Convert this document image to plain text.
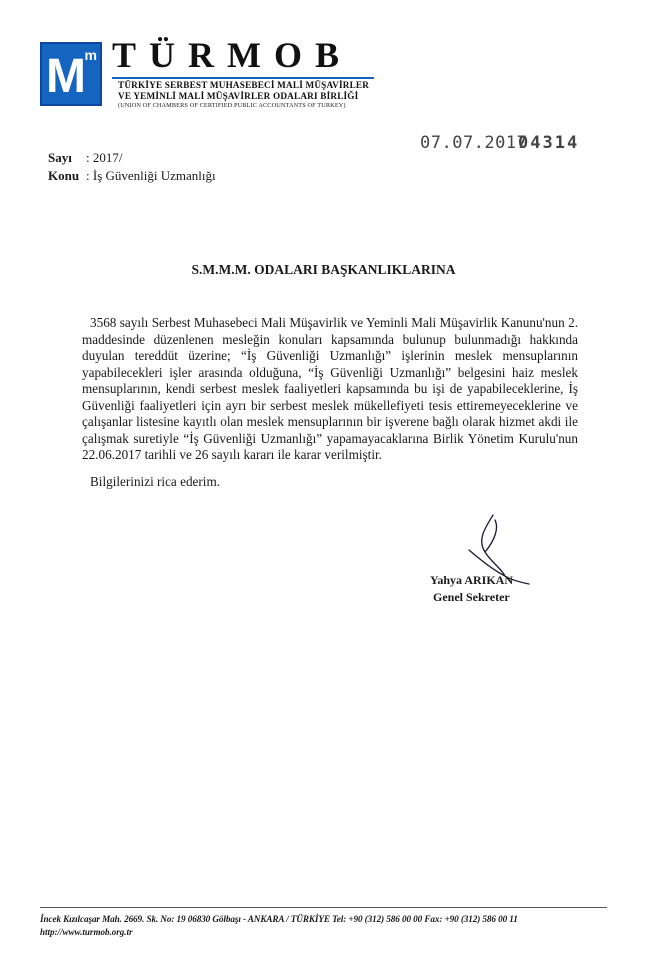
M m TÜRMOB
TÜRKİYE SERBEST MUHASEBECİ MALİ MÜŞAVİRLER
VE YEMİNLİ MALİ MÜŞAVİRLER ODALARI BİRLİĞİ
(UNION OF CHAMBERS OF CERTIFIED PUBLIC ACCOUNTANTS OF TURKEY)
07.07.2017
04314
Sayı : 2017/
Konu : İş Güvenliği Uzmanlığı
S.M.M.M. ODALARI BAŞKANLIKLARINA

3568 sayılı Serbest Muhasebeci Mali Müşavirlik ve Yeminli Mali Müşavirlik Kanunu'nun 2. maddesinde düzenlenen mesleğin konuları kapsamında bulunup bulunmadığı hakkında duyulan tereddüt üzerine; “İş Güvenliği Uzmanlığı” işlerinin meslek mensuplarının yapabilecekleri işler arasında olduğuna, “İş Güvenliği Uzmanlığı” belgesini haiz meslek mensuplarının, kendi serbest meslek faaliyetleri kapsamında bu işi de yapabileceklerine, İş Güvenliği faaliyetleri için ayrı bir serbest meslek mükellefiyeti tesis ettiremeyeceklerine ve çalışanlar listesine kayıtlı olan meslek mensuplarının bir işverene bağlı olarak hizmet akdi ile çalışmak suretiyle “İş Güvenliği Uzmanlığı” yapamayacaklarına Birlik Yönetim Kurulu'nun 22.06.2017 tarihli ve 26 sayılı kararı ile karar verilmiştir.

Bilgilerinizi rica ederim.
Yahya ARIKAN
Genel Sekreter
İncek Kızılcaşar Mah. 2669. Sk. No: 19 06830 Gölbaşı - ANKARA / TÜRKİYE Tel: +90 (312) 586 00 00 Fax: +90 (312) 586 00 11
http://www.turmob.org.tr
